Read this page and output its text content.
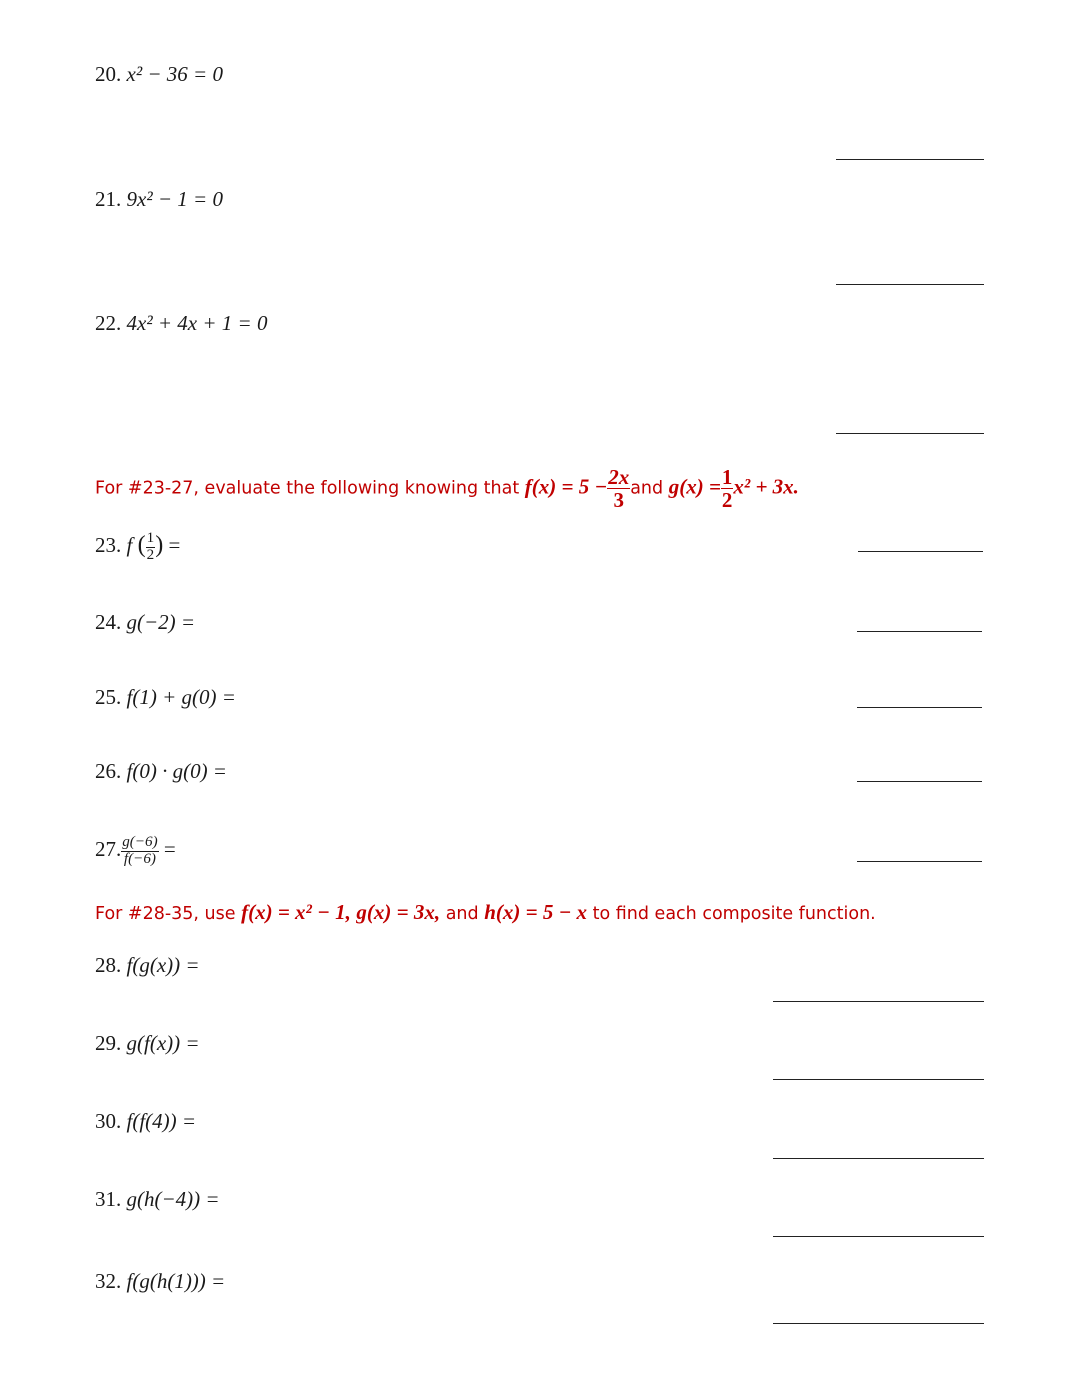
20. x² − 36 = 0
21. 9x² − 1 = 0
22. 4x² + 4x + 1 = 0
For #23-27, evaluate the following knowing that $f(x) = 5 - \frac{2x}{3}$ and $g(x) = \frac{1}{2} x^2 + 3x$.
23. f ( $\frac{1}{2}$ ) =
24. g(−2) =
25. f(1) + g(0) =
26. f(0) · g(0) =
27. $\frac{g(-6)}{f(-6)}$ =
For #28-35, use f(x) = x² − 1, g(x) = 3x, and h(x) = 5 − x to find each composite function.
28. f(g(x)) =
29. g(f(x)) =
30. f(f(4)) =
31. g(h(−4)) =
32. f(g(h(1))) =
